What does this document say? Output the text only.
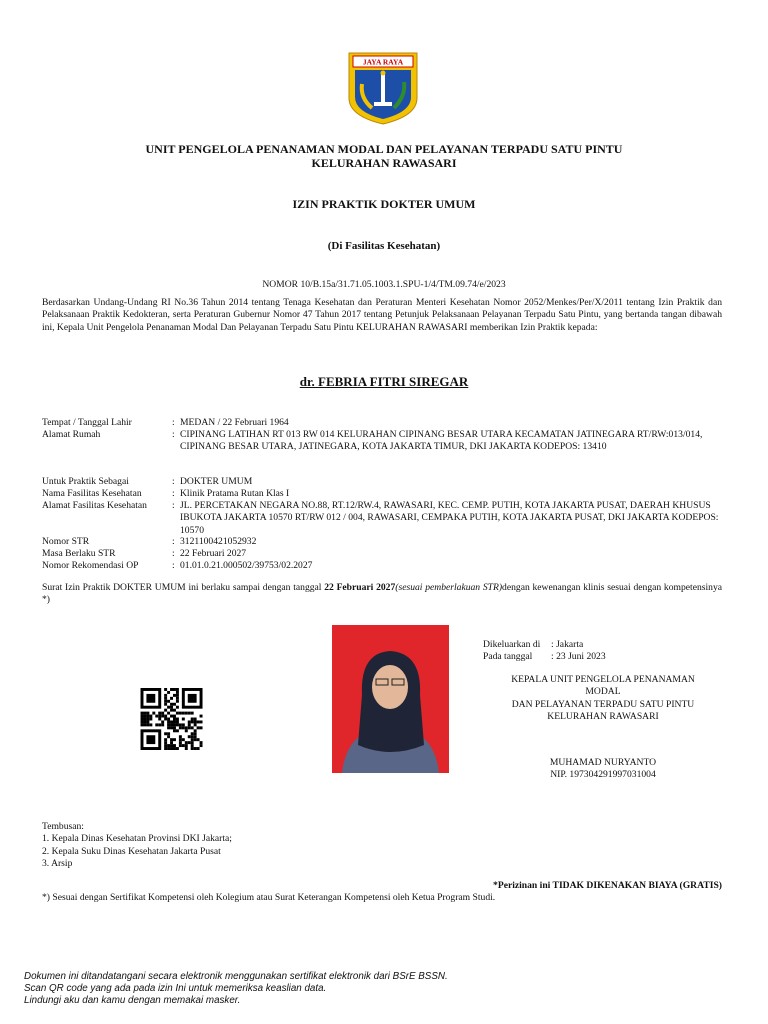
JAYA RAYA
UNIT PENGELOLA PENANAMAN MODAL DAN PELAYANAN TERPADU SATU PINTU
KELURAHAN RAWASARI
IZIN PRAKTIK DOKTER UMUM
(Di Fasilitas Kesehatan)
NOMOR 10/B.15a/31.71.05.1003.1.SPU-1/4/TM.09.74/e/2023
Berdasarkan Undang-Undang RI No.36 Tahun 2014 tentang Tenaga Kesehatan dan Peraturan Menteri Kesehatan Nomor 2052/Menkes/Per/X/2011 tentang Izin Praktik dan Pelaksanaan Praktik Kedokteran, serta Peraturan Gubernur Nomor 47 Tahun 2017 tentang Petunjuk Pelaksanaan Pelayanan Terpadu Satu Pintu, yang bertanda tangan dibawah ini, Kepala Unit Pengelola Penanaman Modal Dan Pelayanan Terpadu Satu Pintu KELURAHAN RAWASARI memberikan Izin Praktik kepada:
dr. FEBRIA FITRI SIREGAR
Tempat / Tanggal Lahir	: MEDAN / 22 Februari 1964
Alamat Rumah	: CIPINANG LATIHAN RT 013 RW 014 KELURAHAN CIPINANG BESAR UTARA KECAMATAN JATINEGARA RT/RW:013/014, CIPINANG BESAR UTARA, JATINEGARA, KOTA JAKARTA TIMUR, DKI JAKARTA KODEPOS: 13410
Untuk Praktik Sebagai	: DOKTER UMUM
Nama Fasilitas Kesehatan	: Klinik Pratama Rutan Klas I
Alamat Fasilitas Kesehatan	: JL. PERCETAKAN NEGARA NO.88, RT.12/RW.4, RAWASARI, KEC. CEMP. PUTIH, KOTA JAKARTA PUSAT, DAERAH KHUSUS IBUKOTA JAKARTA 10570 RT/RW 012 / 004, RAWASARI, CEMPAKA PUTIH, KOTA JAKARTA PUSAT, DKI JAKARTA KODEPOS: 10570
Nomor STR	: 3121100421052932
Masa Berlaku STR	: 22 Februari 2027
Nomor Rekomendasi OP	: 01.01.0.21.000502/39753/02.2027
Surat Izin Praktik DOKTER UMUM ini berlaku sampai dengan tanggal 22 Februari 2027(sesuai pemberlakuan STR)dengan kewenangan klinis sesuai dengan kompetensinya *)
Dikeluarkan di : Jakarta
Pada tanggal : 23 Juni 2023
KEPALA UNIT PENGELOLA PENANAMAN
MODAL
DAN PELAYANAN TERPADU SATU PINTU
KELURAHAN RAWASARI
MUHAMAD NURYANTO
NIP. 197304291997031004
Tembusan:
1. Kepala Dinas Kesehatan Provinsi DKI Jakarta;
2. Kepala Suku Dinas Kesehatan Jakarta Pusat
3. Arsip
*Perizinan ini TIDAK DIKENAKAN BIAYA (GRATIS)
*) Sesuai dengan Sertifikat Kompetensi oleh Kolegium atau Surat Keterangan Kompetensi oleh Ketua Program Studi.
Dokumen ini ditandatangani secara elektronik menggunakan sertifikat elektronik dari BSrE BSSN.
Scan QR code yang ada pada izin Ini untuk memeriksa keaslian data.
Lindungi aku dan kamu dengan memakai masker.
